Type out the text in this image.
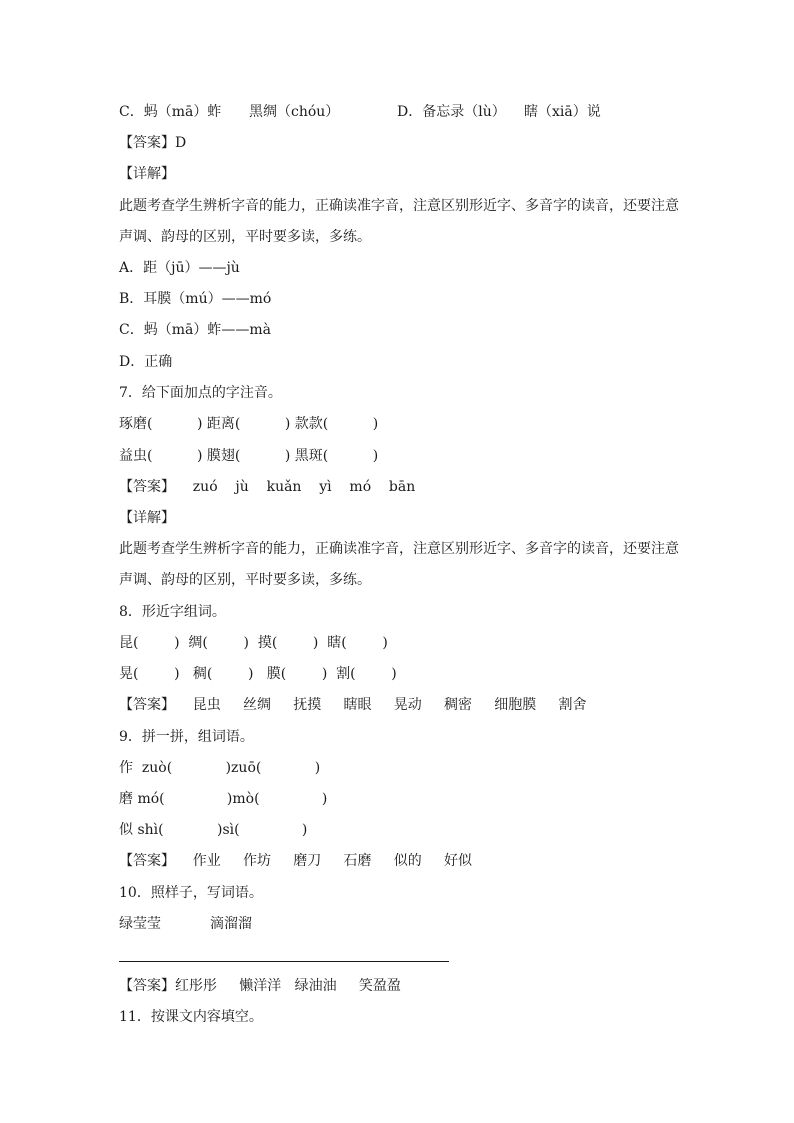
C．蚂（mā）蚱

黑绸（chóu）

	D．备忘录（lù）

瞎（xiā）说

【答案】D
【详解】
此题考查学生辨析字音的能力，正确读准字音，注意区别形近字、多音字的读音，还要注意
声调、韵母的区别，平时要多读，多练。
A．距（jū）——jù
B．耳膜（mú）——mó
C．蚂（mā）蚱——mà
D．正确
7．给下面加点的字注音。
琢磨(          ) 距离(          ) 款款(          )
益虫(          ) 膜翅(          ) 黑斑(          )
【答案】    zuó    jù    kuǎn    yì    mó    bān
【详解】
此题考查学生辨析字音的能力，正确读准字音，注意区别形近字、多音字的读音，还要注意
声调、韵母的区别，平时要多读，多练。
8．形近字组词。
昆(        )  绸(        )  摸(        )  瞎(        )
晃(        )   稠(        )   膜(        )  割(        )
【答案】    昆虫     丝绸     抚摸     瞎眼     晃动     稠密     细胞膜     割舍
9．拼一拼，组词语。
作  zuò(            )zuō(            )
磨 mó(              )mò(              )
似 shì(            )sì(              )
【答案】    作业     作坊     磨刀     石磨     似的     好似
10．照样子，写词语。
绿莹莹           滴溜溜
【答案】红彤彤     懒洋洋   绿油油     笑盈盈
11．按课文内容填空。
